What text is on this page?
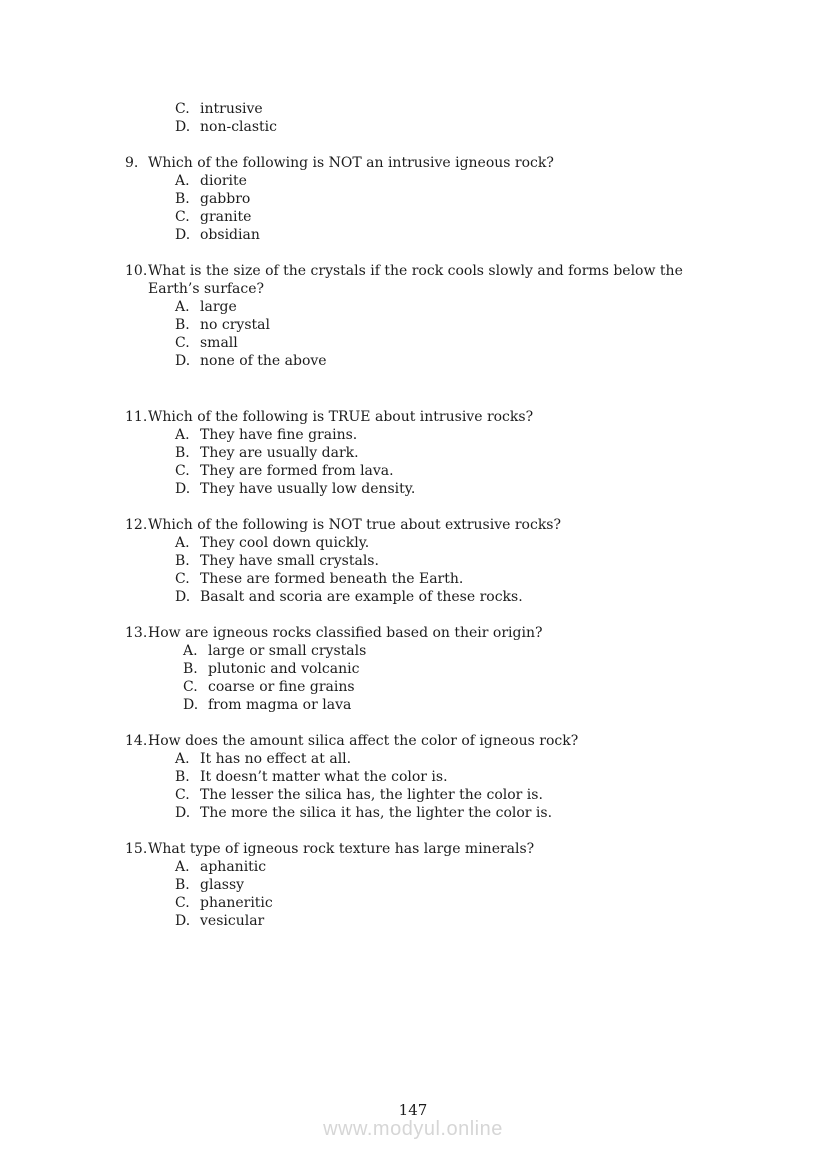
C. intrusive
D. non-clastic
9. Which of the following is NOT an intrusive igneous rock?
A. diorite
B. gabbro
C. granite
D. obsidian
10. What is the size of the crystals if the rock cools slowly and forms below the
Earth’s surface?
A. large
B. no crystal
C. small
D. none of the above
11. Which of the following is TRUE about intrusive rocks?
A. They have fine grains.
B. They are usually dark.
C. They are formed from lava.
D. They have usually low density.
12. Which of the following is NOT true about extrusive rocks?
A. They cool down quickly.
B. They have small crystals.
C. These are formed beneath the Earth.
D. Basalt and scoria are example of these rocks.
13. How are igneous rocks classified based on their origin?
A. large or small crystals
B. plutonic and volcanic
C. coarse or fine grains
D. from magma or lava
14. How does the amount silica affect the color of igneous rock?
A. It has no effect at all.
B. It doesn’t matter what the color is.
C. The lesser the silica has, the lighter the color is.
D. The more the silica it has, the lighter the color is.
15. What type of igneous rock texture has large minerals?
A. aphanitic
B. glassy
C. phaneritic
D. vesicular
147
www.modyul.online
